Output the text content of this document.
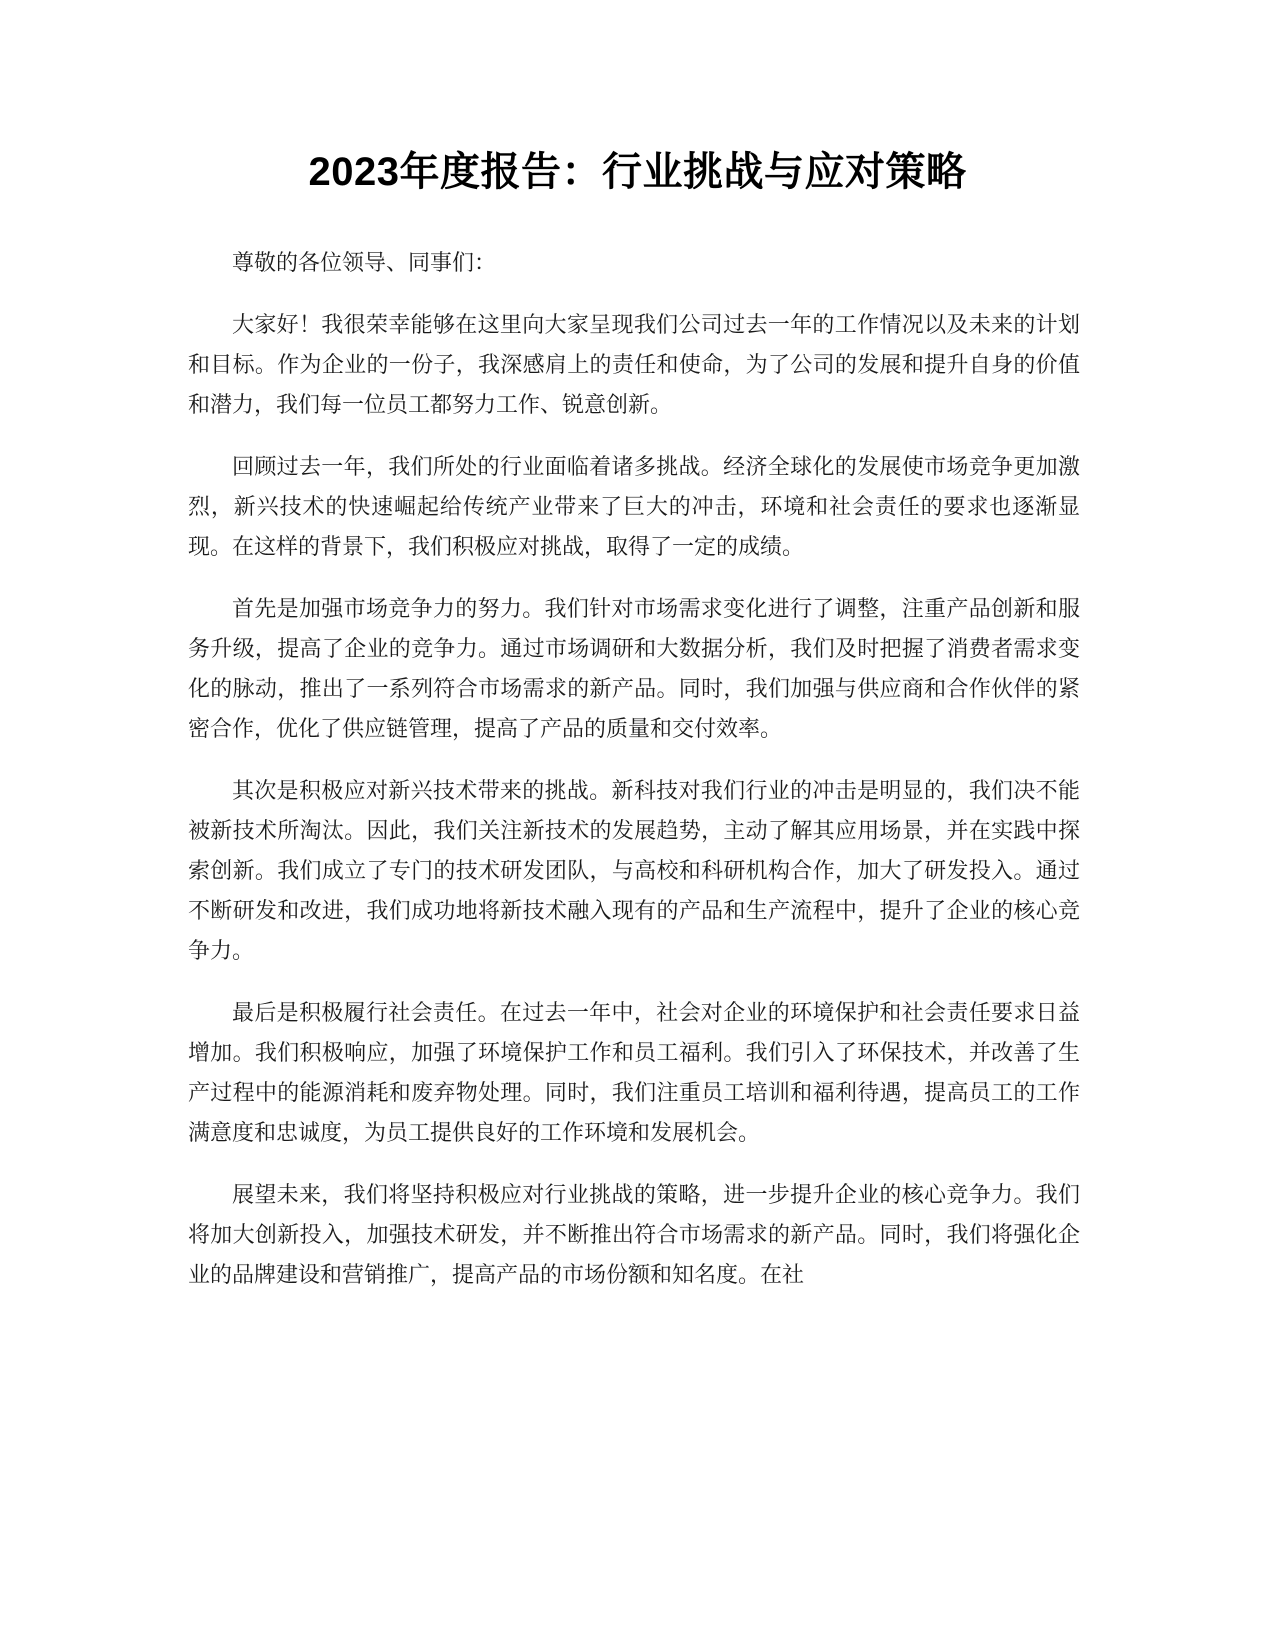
2023年度报告：行业挑战与应对策略

尊敬的各位领导、同事们：

大家好！我很荣幸能够在这里向大家呈现我们公司过去一年的工作情况以及未来的计划和目标。作为企业的一份子，我深感肩上的责任和使命，为了公司的发展和提升自身的价值和潜力，我们每一位员工都努力工作、锐意创新。

回顾过去一年，我们所处的行业面临着诸多挑战。经济全球化的发展使市场竞争更加激烈，新兴技术的快速崛起给传统产业带来了巨大的冲击，环境和社会责任的要求也逐渐显现。在这样的背景下，我们积极应对挑战，取得了一定的成绩。

首先是加强市场竞争力的努力。我们针对市场需求变化进行了调整，注重产品创新和服务升级，提高了企业的竞争力。通过市场调研和大数据分析，我们及时把握了消费者需求变化的脉动，推出了一系列符合市场需求的新产品。同时，我们加强与供应商和合作伙伴的紧密合作，优化了供应链管理，提高了产品的质量和交付效率。

其次是积极应对新兴技术带来的挑战。新科技对我们行业的冲击是明显的，我们决不能被新技术所淘汰。因此，我们关注新技术的发展趋势，主动了解其应用场景，并在实践中探索创新。我们成立了专门的技术研发团队，与高校和科研机构合作，加大了研发投入。通过不断研发和改进，我们成功地将新技术融入现有的产品和生产流程中，提升了企业的核心竞争力。

最后是积极履行社会责任。在过去一年中，社会对企业的环境保护和社会责任要求日益增加。我们积极响应，加强了环境保护工作和员工福利。我们引入了环保技术，并改善了生产过程中的能源消耗和废弃物处理。同时，我们注重员工培训和福利待遇，提高员工的工作满意度和忠诚度，为员工提供良好的工作环境和发展机会。

展望未来，我们将坚持积极应对行业挑战的策略，进一步提升企业的核心竞争力。我们将加大创新投入，加强技术研发，并不断推出符合市场需求的新产品。同时，我们将强化企业的品牌建设和营销推广，提高产品的市场份额和知名度。在社
